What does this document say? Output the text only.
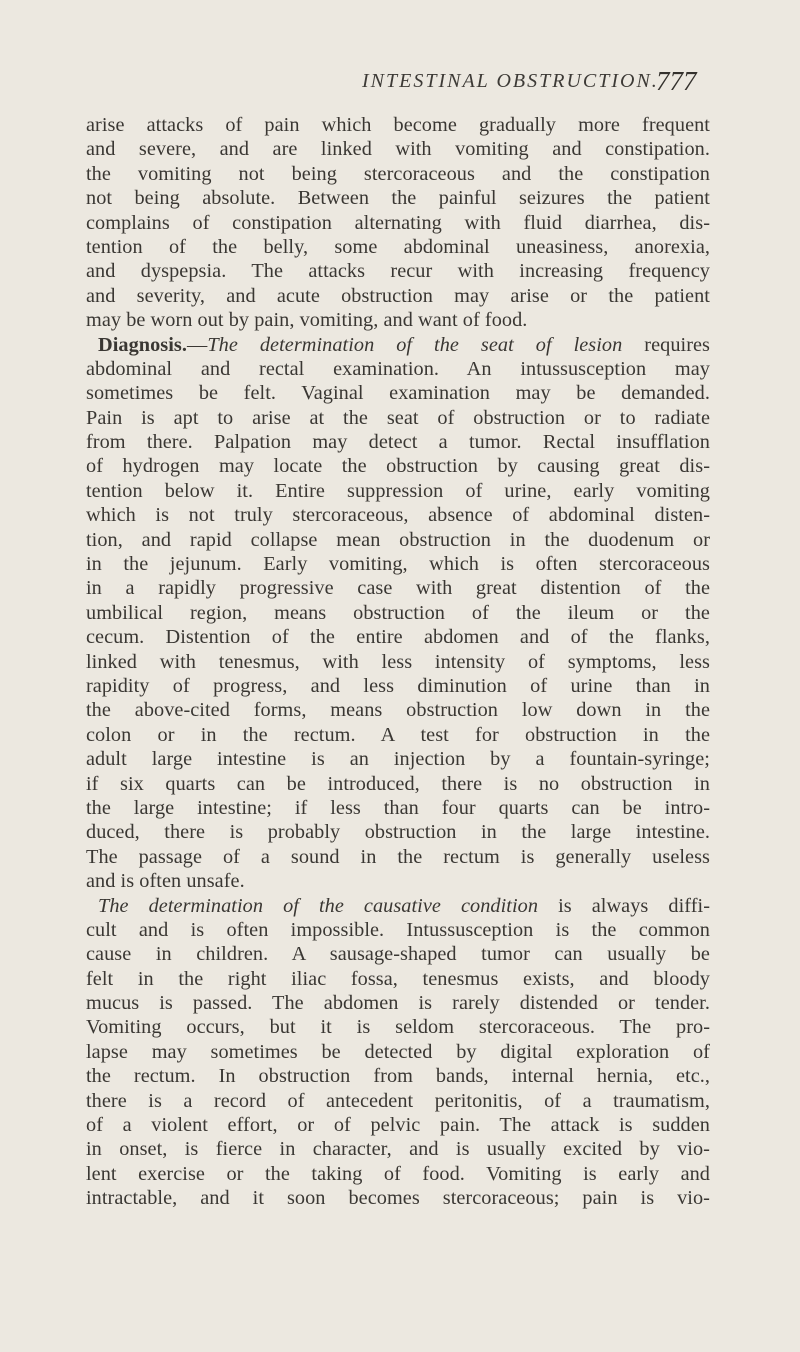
INTESTINAL OBSTRUCTION.
777
arise attacks of pain which become gradually more frequent
and severe, and are linked with vomiting and constipation.
the vomiting not being stercoraceous and the constipation
not being absolute. Between the painful seizures the patient
complains of constipation alternating with fluid diarrhea, dis-
tention of the belly, some abdominal uneasiness, anorexia,
and dyspepsia. The attacks recur with increasing frequency
and severity, and acute obstruction may arise or the patient
may be worn out by pain, vomiting, and want of food.
Diagnosis.—The determination of the seat of lesion requires
abdominal and rectal examination. An intussusception may
sometimes be felt. Vaginal examination may be demanded.
Pain is apt to arise at the seat of obstruction or to radiate
from there. Palpation may detect a tumor. Rectal insufflation
of hydrogen may locate the obstruction by causing great dis-
tention below it. Entire suppression of urine, early vomiting
which is not truly stercoraceous, absence of abdominal disten-
tion, and rapid collapse mean obstruction in the duodenum or
in the jejunum. Early vomiting, which is often stercoraceous
in a rapidly progressive case with great distention of the
umbilical region, means obstruction of the ileum or the
cecum. Distention of the entire abdomen and of the flanks,
linked with tenesmus, with less intensity of symptoms, less
rapidity of progress, and less diminution of urine than in
the above-cited forms, means obstruction low down in the
colon or in the rectum. A test for obstruction in the
adult large intestine is an injection by a fountain-syringe;
if six quarts can be introduced, there is no obstruction in
the large intestine; if less than four quarts can be intro-
duced, there is probably obstruction in the large intestine.
The passage of a sound in the rectum is generally useless
and is often unsafe.
The determination of the causative condition is always diffi-
cult and is often impossible. Intussusception is the common
cause in children. A sausage-shaped tumor can usually be
felt in the right iliac fossa, tenesmus exists, and bloody
mucus is passed. The abdomen is rarely distended or tender.
Vomiting occurs, but it is seldom stercoraceous. The pro-
lapse may sometimes be detected by digital exploration of
the rectum. In obstruction from bands, internal hernia, etc.,
there is a record of antecedent peritonitis, of a traumatism,
of a violent effort, or of pelvic pain. The attack is sudden
in onset, is fierce in character, and is usually excited by vio-
lent exercise or the taking of food. Vomiting is early and
intractable, and it soon becomes stercoraceous; pain is vio-
